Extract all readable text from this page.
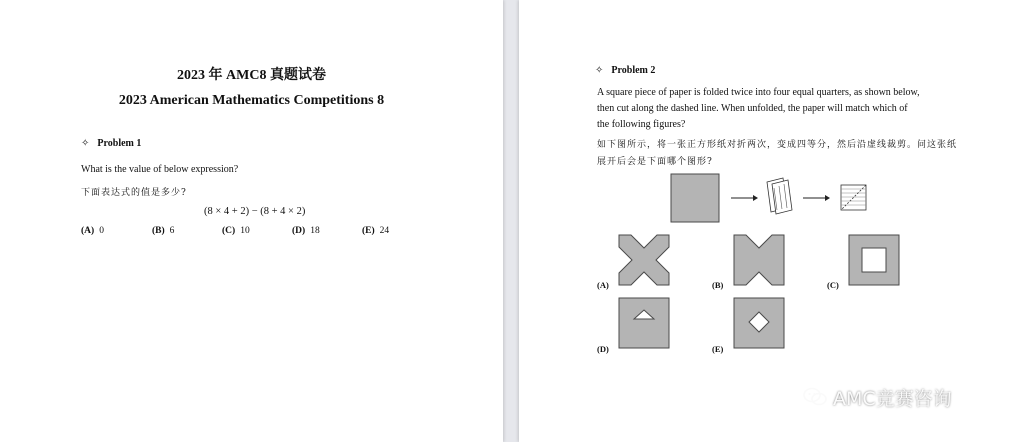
2023 年 AMC8 真题试卷
2023 American Mathematics Competitions 8
✧ Problem 1
What is the value of below expression?
下面表达式的值是多少?
(8 × 4 + 2) − (8 + 4 × 2)
(A) 0	(B) 6	(C) 10	(D) 18	(E) 24
✧ Problem 2
A square piece of paper is folded twice into four equal quarters, as shown below,
then cut along the dashed line. When unfolded, the paper will match which of
the following figures?
如下图所示，将一张正方形纸对折两次，变成四等分，然后沿虚线裁剪。问这张纸
展开后会是下面哪个图形?
(A)	(B)	(C)
(D)	(E)
AMC竞赛咨询
